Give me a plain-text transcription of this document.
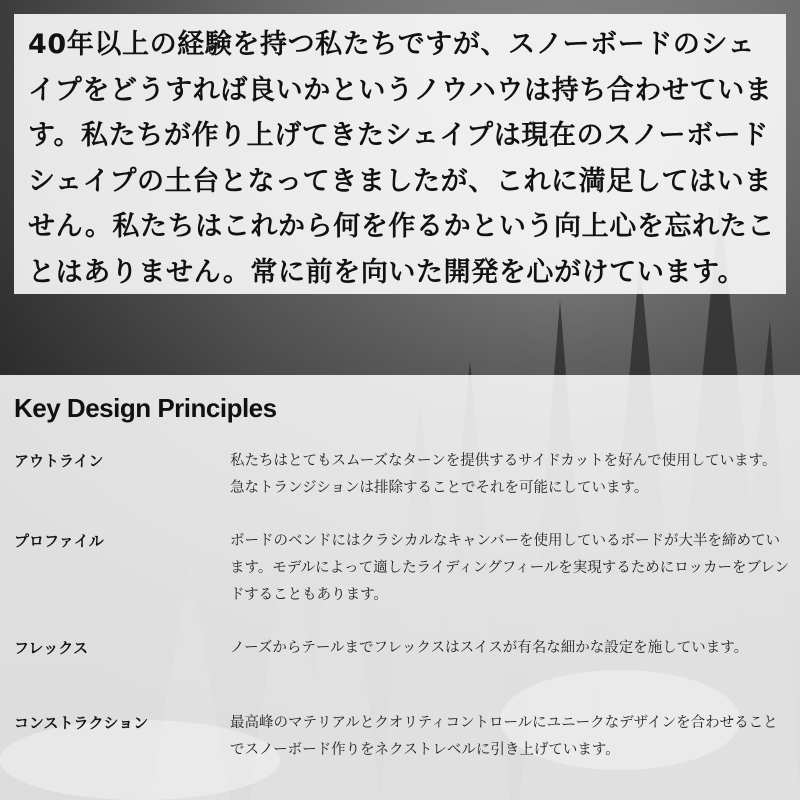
40年以上の経験を持つ私たちですが、スノーボードのシェイプをどうすれば良いかというノウハウは持ち合わせています。私たちが作り上げてきたシェイプは現在のスノーボードシェイプの土台となってきましたが、これに満足してはいません。私たちはこれから何を作るかという向上心を忘れたことはありません。常に前を向いた開発を心がけています。

Key Design Principles
アウトライン	私たちはとてもスムーズなターンを提供するサイドカットを好んで使用しています。急なトランジションは排除することでそれを可能にしています。
プロファイル	ボードのベンドにはクラシカルなキャンバーを使用しているボードが大半を締めています。モデルによって適したライディングフィールを実現するためにロッカーをブレンドすることもあります。
フレックス	ノーズからテールまでフレックスはスイスが有名な細かな設定を施しています。
コンストラクション	最高峰のマテリアルとクオリティコントロールにユニークなデザインを合わせることでスノーボード作りをネクストレベルに引き上げています。
